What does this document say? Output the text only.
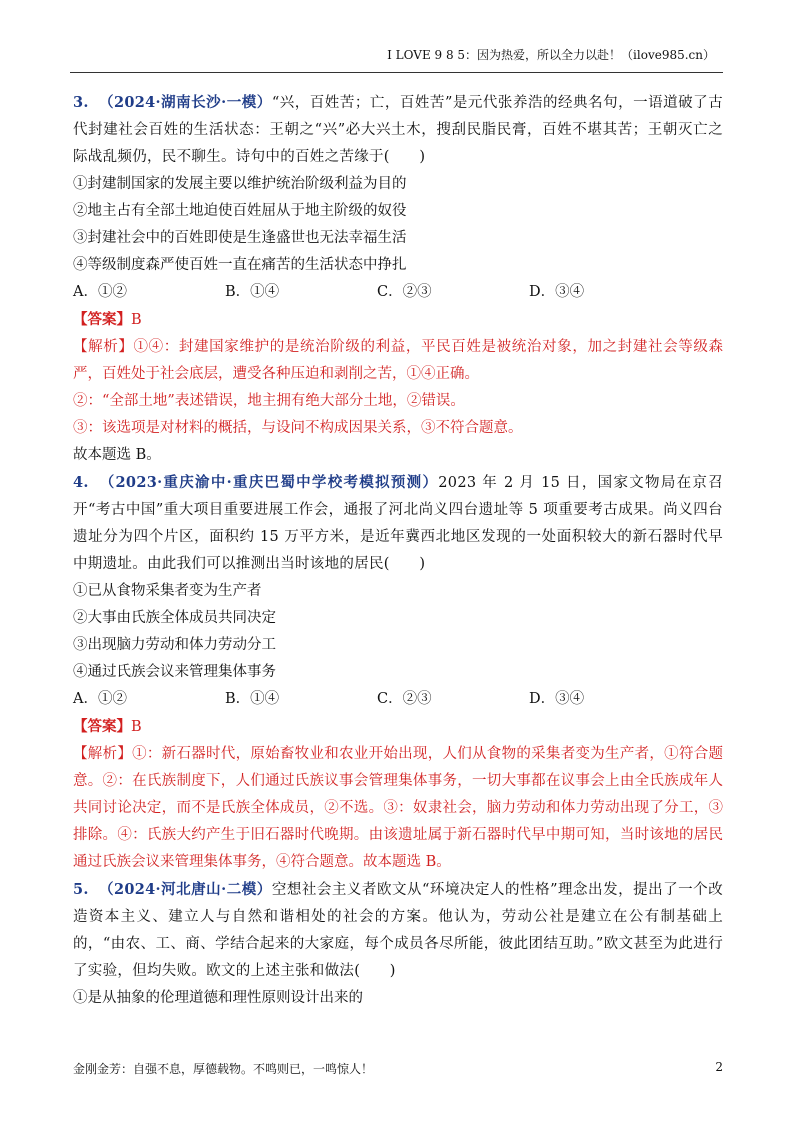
I LOVE 9 8 5：因为热爱，所以全力以赴！（ilove985.cn）

3. （2024·湖南长沙·一模）“兴，百姓苦；亡，百姓苦”是元代张养浩的经典名句，一语道破了古代封建社会百姓的生活状态：王朝之“兴”必大兴土木，搜刮民脂民膏，百姓不堪其苦；王朝灭亡之际战乱频仍，民不聊生。诗句中的百姓之苦缘于(　　)

①封建制国家的发展主要以维护统治阶级利益为目的

②地主占有全部土地迫使百姓屈从于地主阶级的奴役

③封建社会中的百姓即使是生逢盛世也无法幸福生活

④等级制度森严使百姓一直在痛苦的生活状态中挣扎

A．①②	B．①④	C．②③	D．③④

【答案】B

【解析】①④：封建国家维护的是统治阶级的利益，平民百姓是被统治对象，加之封建社会等级森严，百姓处于社会底层，遭受各种压迫和剥削之苦，①④正确。

②：“全部土地”表述错误，地主拥有绝大部分土地，②错误。

③：该选项是对材料的概括，与设问不构成因果关系，③不符合题意。

故本题选 B。

4. （2023·重庆渝中·重庆巴蜀中学校考模拟预测）2023 年 2 月 15 日，国家文物局在京召开“考古中国”重大项目重要进展工作会，通报了河北尚义四台遗址等 5 项重要考古成果。尚义四台遗址分为四个片区，面积约 15 万平方米，是近年冀西北地区发现的一处面积较大的新石器时代早中期遗址。由此我们可以推测出当时该地的居民(　　)

①已从食物采集者变为生产者

②大事由氏族全体成员共同决定

③出现脑力劳动和体力劳动分工

④通过氏族会议来管理集体事务

A．①②	B．①④	C．②③	D．③④

【答案】B

【解析】①：新石器时代，原始畜牧业和农业开始出现，人们从食物的采集者变为生产者，①符合题意。②：在氏族制度下，人们通过氏族议事会管理集体事务，一切大事都在议事会上由全氏族成年人共同讨论决定，而不是氏族全体成员，②不选。③：奴隶社会，脑力劳动和体力劳动出现了分工，③排除。④：氏族大约产生于旧石器时代晚期。由该遗址属于新石器时代早中期可知，当时该地的居民通过氏族会议来管理集体事务，④符合题意。故本题选 B。

5. （2024·河北唐山·二模）空想社会主义者欧文从“环境决定人的性格”理念出发，提出了一个改造资本主义、建立人与自然和谐相处的社会的方案。他认为，劳动公社是建立在公有制基础上的，“由农、工、商、学结合起来的大家庭，每个成员各尽所能，彼此团结互助。”欧文甚至为此进行了实验，但均失败。欧文的上述主张和做法(　　)

①是从抽象的伦理道德和理性原则设计出来的

金刚金芳：自强不息，厚德载物。不鸣则已，一鸣惊人！	2
